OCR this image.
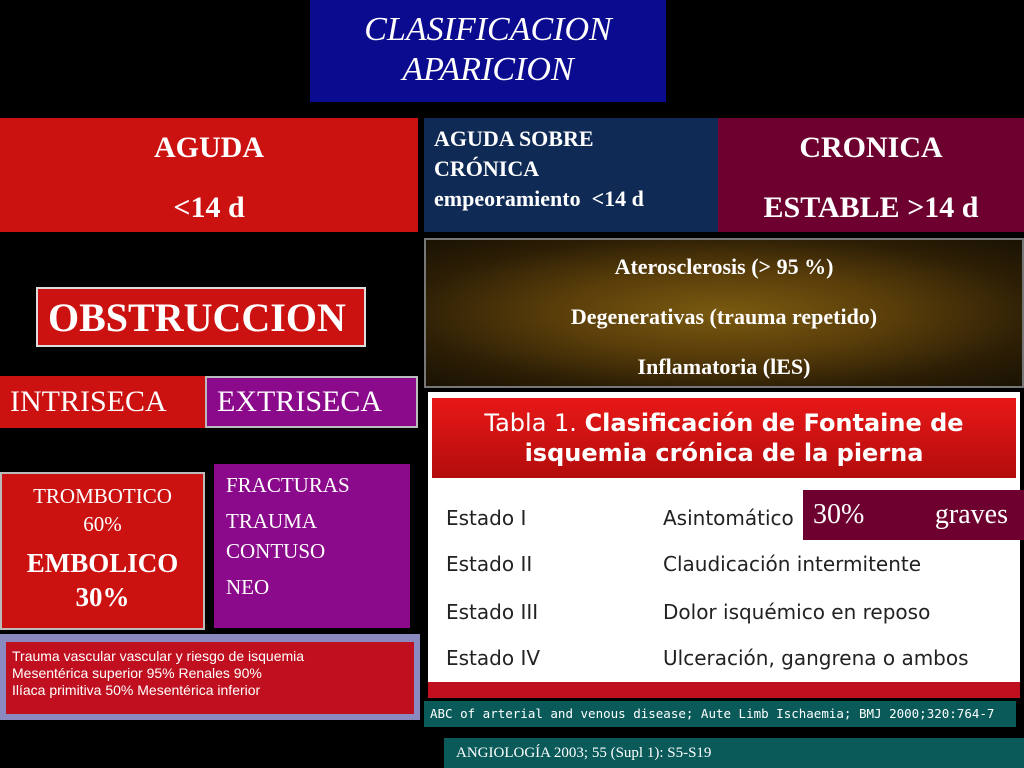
CLASIFICACION
APARICION
AGUDA
<14 d
AGUDA SOBRE
CRÓNICA
empeoramiento  <14 d
CRONICA
ESTABLE >14 d
Aterosclerosis (> 95 %)
Degenerativas (trauma repetido)
Inflamatoria (lES)
OBSTRUCCION
INTRISECA	EXTRISECA
TROMBOTICO
60%
EMBOLICO
30%
FRACTURAS
TRAUMA CONTUSO
NEO
Trauma vascular vascular y riesgo de isquemia
Mesentérica superior 95% Renales 90%
Ilíaca primitiva 50% Mesentérica inferior
Tabla 1. Clasificación de Fontaine de
isquemia crónica de la pierna
Estado I	Asintomático
Estado II	Claudicación intermitente
Estado III	Dolor isquémico en reposo
Estado IV	Ulceración, gangrena o ambos
30%	graves
ABC of arterial and venous disease; Aute Limb Ischaemia; BMJ 2000;320:764-7
ANGIOLOGÍA 2003; 55 (Supl 1): S5-S19
